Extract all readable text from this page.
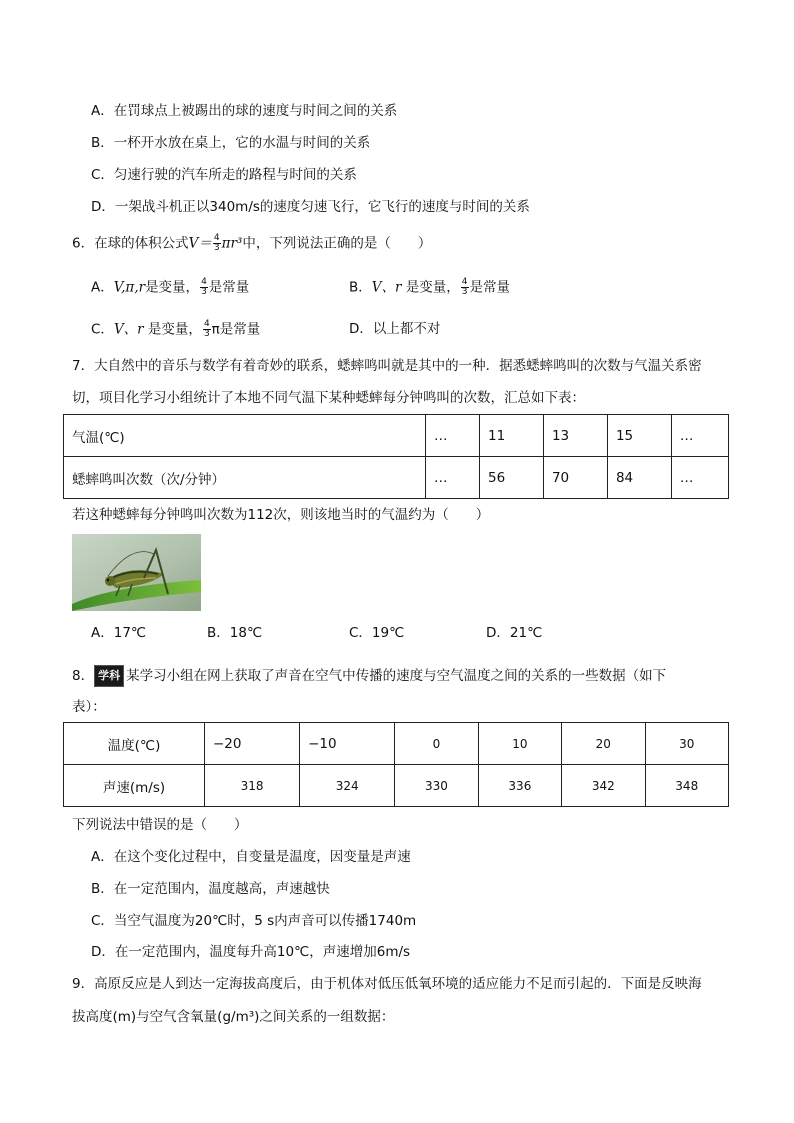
A．在罚球点上被踢出的球的速度与时间之间的关系
B．一杯开水放在桌上，它的水温与时间的关系
C．匀速行驶的汽车所走的路程与时间的关系
D．一架战斗机正以340m/s的速度匀速飞行，它飞行的速度与时间的关系
6．在球的体积公式$V= \frac{4}{3} \pi r^3$中，下列说法正确的是（　　）
A．V,π,r是变量， $\frac{4}{3}$ 是常量	B．V、r 是变量， $\frac{4}{3}$ 是常量
C．V、r 是变量， $\frac{4}{3}$ π是常量	D．以上都不对
7．大自然中的音乐与数学有着奇妙的联系，蟋蟀鸣叫就是其中的一种．据悉蟋蟀鸣叫的次数与气温关系密
切，项目化学习小组统计了本地不同气温下某种蟋蟀每分钟鸣叫的次数，汇总如下表：
气温(℃)	…	11	13	15	…
蟋蟀鸣叫次数（次/分钟）	…	56	70	84	…
若这种蟋蟀每分钟鸣叫次数为112次，则该地当时的气温约为（　　）
A．17℃	B．18℃	C．19℃	D．21℃
8． 学科 某学习小组在网上获取了声音在空气中传播的速度与空气温度之间的关系的一些数据（如下
表）：
温度(℃)	−20	−10	0	10	20	30
声速(m/s)	318	324	330	336	342	348
下列说法中错误的是（　　）
A．在这个变化过程中，自变量是温度，因变量是声速
B．在一定范围内，温度越高，声速越快
C．当空气温度为20℃时，5 s内声音可以传播1740m
D．在一定范围内，温度每升高10℃，声速增加6m/s
9．高原反应是人到达一定海拔高度后，由于机体对低压低氧环境的适应能力不足而引起的．下面是反映海
拔高度(m)与空气含氧量(g/m³)之间关系的一组数据：
